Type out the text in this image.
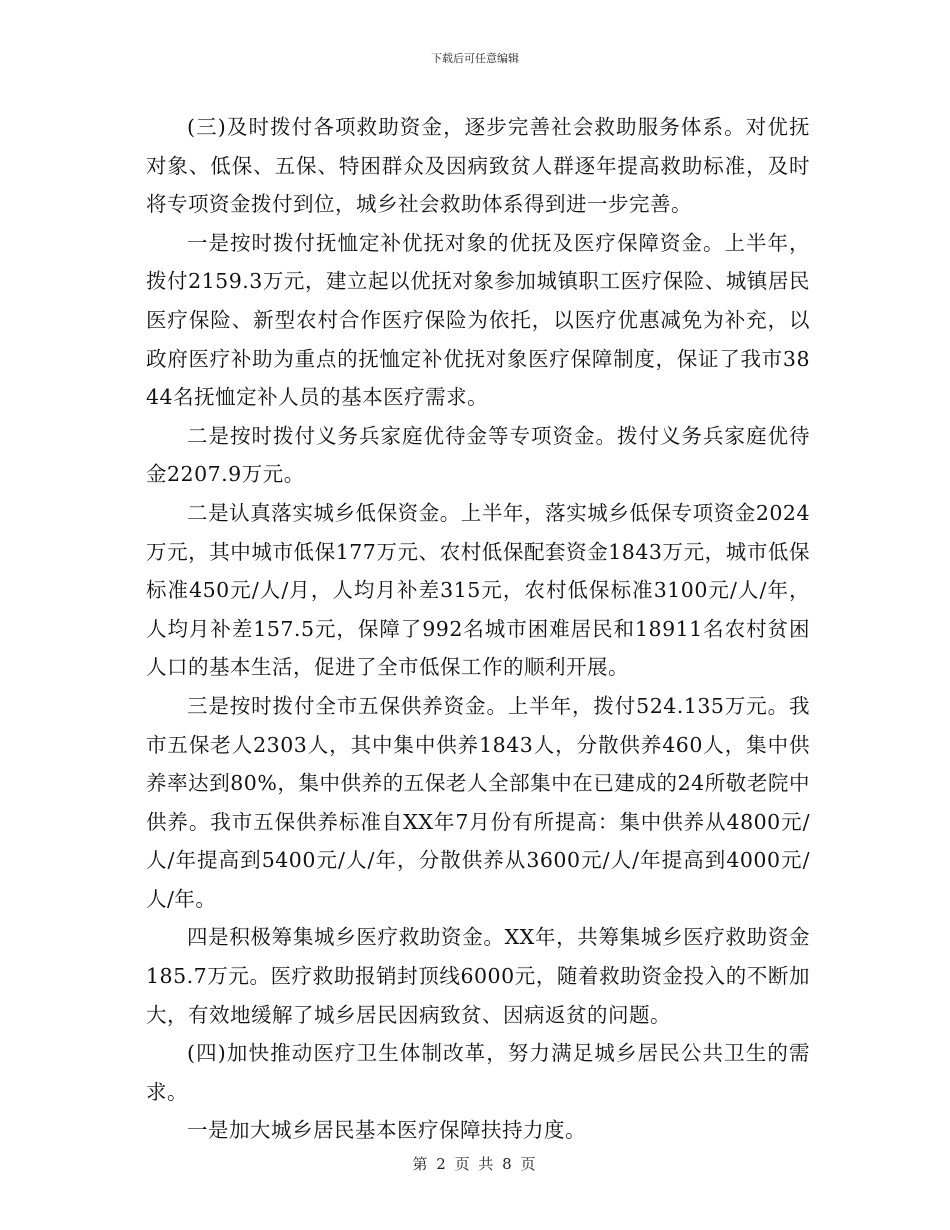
下载后可任意编辑

(三)及时拨付各项救助资金，逐步完善社会救助服务体系。对优抚对象、低保、五保、特困群众及因病致贫人群逐年提高救助标准，及时将专项资金拨付到位，城乡社会救助体系得到进一步完善。

一是按时拨付抚恤定补优抚对象的优抚及医疗保障资金。上半年，拨付2159.3万元，建立起以优抚对象参加城镇职工医疗保险、城镇居民医疗保险、新型农村合作医疗保险为依托，以医疗优惠减免为补充，以政府医疗补助为重点的抚恤定补优抚对象医疗保障制度，保证了我市3844名抚恤定补人员的基本医疗需求。

二是按时拨付义务兵家庭优待金等专项资金。拨付义务兵家庭优待金2207.9万元。

二是认真落实城乡低保资金。上半年，落实城乡低保专项资金2024万元，其中城市低保177万元、农村低保配套资金1843万元，城市低保标准450元/人/月，人均月补差315元，农村低保标准3100元/人/年，人均月补差157.5元，保障了992名城市困难居民和18911名农村贫困人口的基本生活，促进了全市低保工作的顺利开展。

三是按时拨付全市五保供养资金。上半年，拨付524.135万元。我市五保老人2303人，其中集中供养1843人，分散供养460人，集中供养率达到80%，集中供养的五保老人全部集中在已建成的24所敬老院中供养。我市五保供养标准自XX年7月份有所提高：集中供养从4800元/人/年提高到5400元/人/年，分散供养从3600元/人/年提高到4000元/人/年。

四是积极筹集城乡医疗救助资金。XX年，共筹集城乡医疗救助资金185.7万元。医疗救助报销封顶线6000元，随着救助资金投入的不断加大，有效地缓解了城乡居民因病致贫、因病返贫的问题。

(四)加快推动医疗卫生体制改革，努力满足城乡居民公共卫生的需求。

一是加大城乡居民基本医疗保障扶持力度。

第 2 页 共 8 页
